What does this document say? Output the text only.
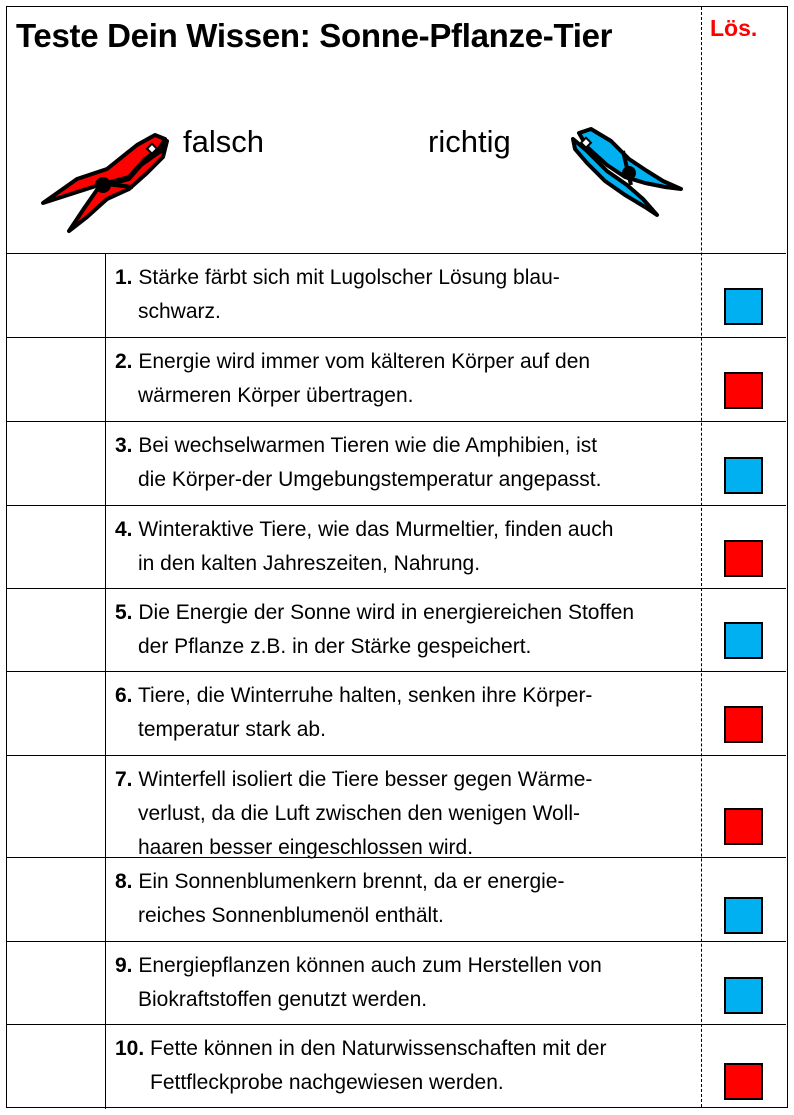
Teste Dein Wissen: Sonne-Pflanze-Tier	Lös.
falsch	richtig
1. Stärke färbt sich mit Lugolscher Lösung blau-
schwarz.
2. Energie wird immer vom kälteren Körper auf den
wärmeren Körper übertragen.
3. Bei wechselwarmen Tieren wie die Amphibien, ist
die Körper-der Umgebungstemperatur angepasst.
4. Winteraktive Tiere, wie das Murmeltier, finden auch
in den kalten Jahreszeiten, Nahrung.
5. Die Energie der Sonne wird in energiereichen Stoffen
der Pflanze z.B. in der Stärke gespeichert.
6. Tiere, die Winterruhe halten, senken ihre Körper-
temperatur stark ab.
7. Winterfell isoliert die Tiere besser gegen Wärme-
verlust, da die Luft zwischen den wenigen Woll-
haaren besser eingeschlossen wird.
8. Ein Sonnenblumenkern brennt, da er energie-
reiches Sonnenblumenöl enthält.
9. Energiepflanzen können auch zum Herstellen von
Biokraftstoffen genutzt werden.
10. Fette können in den Naturwissenschaften mit der
Fettfleckprobe nachgewiesen werden.
